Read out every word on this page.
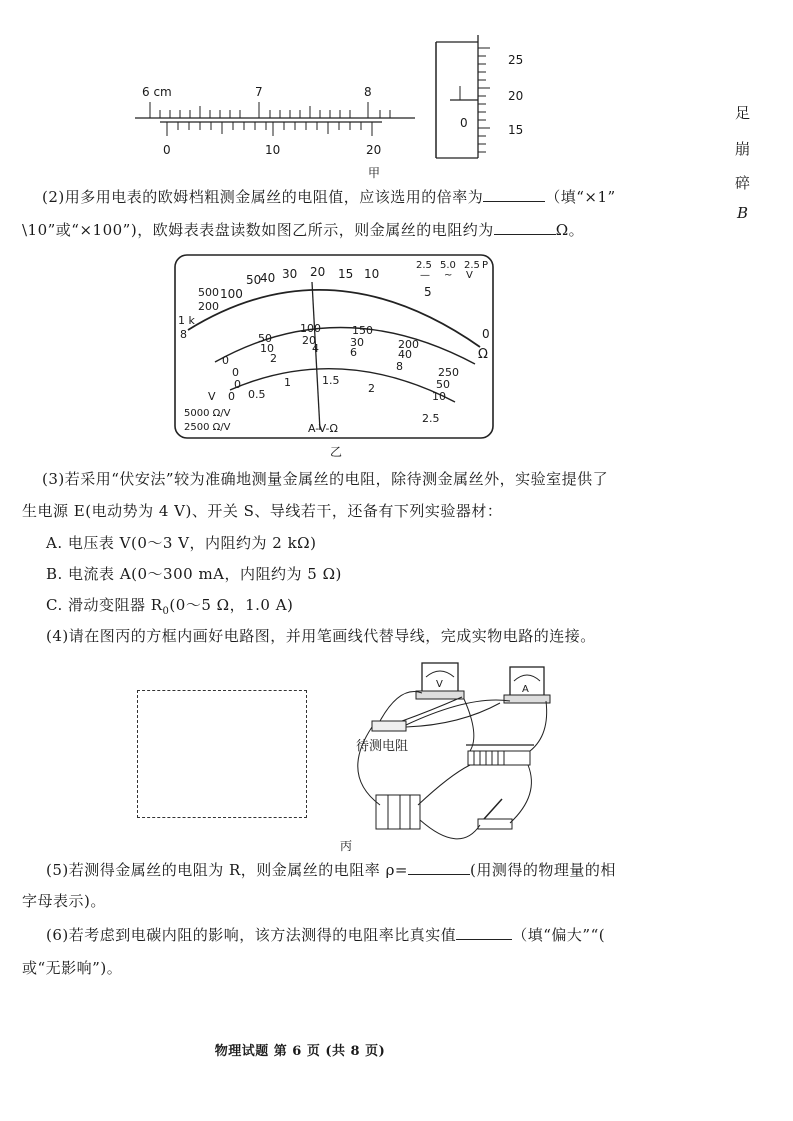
足
崩
碎
B
6 cm	7	8
0	10	20
甲
25
20
15
0
(2)用多用电表的欧姆档粗测金属丝的电阻值，应该选用的倍率为	（填“×1”
\10”或“×100”)，欧姆表表盘读数如图乙所示，则金属丝的电阻约为	Ω。
500
200
1 k
100
50
40 30 20 15 10
5
0
Ω
2.5 5.0 2.5 P
— ~ V
0
50
100	150
200
250
0
10
20	30
40
50
0
2
4	6
8
10
0 0.5
1	1.5
2
2.5
8
V
5000 Ω/V
2500 Ω/V	A-V-Ω
乙
(3)若采用“伏安法”较为准确地测量金属丝的电阻，除待测金属丝外，实验室提供了
生电源 E(电动势为 4 V)、开关 S、导线若干，还备有下列实验器材：
A. 电压表 V(0～3 V，内阻约为 2 kΩ)
B. 电流表 A(0～300 mA，内阻约为 5 Ω)
C. 滑动变阻器 $R_0(0\sim 5$ Ω，1.0 A)
(4)请在图丙的方框内画好电路图，并用笔画线代替导线，完成实物电路的连接。
V	A
待测电阻
丙
(5)若测得金属丝的电阻为 R，则金属丝的电阻率 ρ=	(用测得的物理量的相
字母表示)。
(6)若考虑到电碳内阻的影响，该方法测得的电阻率比真实值	（填“偏大”“(
或“无影响”)。
物理试题 第 6 页 (共 8 页)
